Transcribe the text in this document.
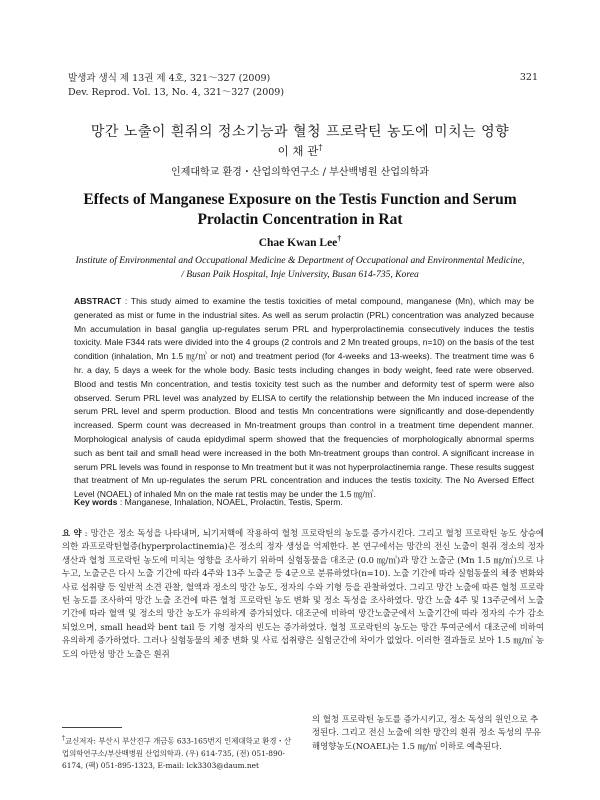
발생과 생식 제 13권 제 4호, 321～327 (2009)
Dev. Reprod. Vol. 13, No. 4, 321～327 (2009)
321
망간 노출이 흰쥐의 정소기능과 혈청 프로락틴 농도에 미치는 영향
이 채 관†
인제대학교 환경・산업의학연구소 / 부산백병원 산업의학과
Effects of Manganese Exposure on the Testis Function and Serum Prolactin Concentration in Rat
Chae Kwan Lee†
Institute of Environmental and Occupational Medicine & Department of Occupational and Environmental Medicine,
/ Busan Paik Hospital, Inje University, Busan 614-735, Korea
ABSTRACT : This study aimed to examine the testis toxicities of metal compound, manganese (Mn), which may be generated as mist or fume in the industrial sites. As well as serum prolactin (PRL) concentration was analyzed because Mn accumulation in basal ganglia up-regulates serum PRL and hyperprolactinemia consecutively induces the testis toxicity. Male F344 rats were divided into the 4 groups (2 controls and 2 Mn treated groups, n=10) on the basis of the test condition (inhalation, Mn 1.5 ㎎/㎥ or not) and treatment period (for 4-weeks and 13-weeks). The treatment time was 6 hr. a day, 5 days a week for the whole body. Basic tests including changes in body weight, feed rate were observed. Blood and testis Mn concentration, and testis toxicity test such as the number and deformity test of sperm were also observed. Serum PRL level was analyzed by ELISA to certify the relationship between the Mn induced increase of the serum PRL level and sperm production. Blood and testis Mn concentrations were significantly and dose-dependently increased. Sperm count was decreased in Mn-treatment groups than control in a treatment time dependent manner. Morphological analysis of cauda epidydimal sperm showed that the frequencies of morphologically abnormal sperms such as bent tail and small head were increased in the both Mn-treatment groups than control. A significant increase in serum PRL levels was found in response to Mn treatment but it was not hyperprolactinemia range. These results suggest that treatment of Mn up-regulates the serum PRL concentration and induces the testis toxicity. The No Aversed Effect Level (NOAEL) of inhaled Mn on the male rat testis may be under the 1.5 ㎎/㎥.
Key words : Manganese, Inhalation, NOAEL, Prolactin, Testis, Sperm.
요 약 : 망간은 정소 독성을 나타내며, 뇌기저핵에 작용하여 혈청 프로락틴의 농도를 증가시킨다. 그리고 혈청 프로락틴 농도 상승에 의한 과프로락틴혈증(hyperprolactinemia)은 정소의 정자 생성을 억제한다. 본 연구에서는 망간의 전신 노출이 흰쥐 정소의 정자 생산과 혈청 프로락틴 농도에 미치는 영향을 조사하기 위하여 실험동물을 대조군 (0.0 ㎎/㎥)과 망간 노출군 (Mn 1.5 ㎎/㎥)으로 나누고, 노출군은 다시 노출 기간에 따라 4주와 13주 노출군 등 4군으로 분류하였다(n=10). 노출 기간에 따라 실험동물의 체중 변화와 사료 섭취량 등 일반적 소견 관찰, 혈액과 정소의 망간 농도, 정자의 수와 기형 등을 관찰하였다. 그리고 망간 노출에 따른 혈청 프로락틴 농도를 조사하여 망간 노출 조건에 따른 혈청 프로락틴 농도 변화 및 정소 독성을 조사하였다. 망간 노출 4주 및 13주군에서 노출기간에 따라 혈액 및 정소의 망간 농도가 유의하게 증가되었다. 대조군에 비하여 망간노출군에서 노출기간에 따라 정자의 수가 감소되었으며, small head와 bent tail 등 기형 정자의 빈도는 증가하였다. 혈청 프로락틴의 농도는 망간 투여군에서 대조군에 비하여 유의하게 증가하였다. 그러나 실험동물의 체중 변화 및 사료 섭취량은 실험군간에 차이가 없었다. 이러한 결과들로 보아 1.5 ㎎/㎥ 농도의 아만성 망간 노출은 흰쥐
의 혈청 프로락틴 농도를 증가시키고, 정소 독성의 원인으로 추정된다. 그리고 전신 노출에 의한 망간의 흰쥐 정소 독성의 무유해영향농도(NOAEL)는 1.5 ㎎/㎥ 이하로 예측된다.
†교신저자: 부산시 부산진구 개금동 633-165번지 인제대학교 환경・산업의학연구소/부산백병원 산업의학과. (우) 614-735, (전) 051-890-6174, (팩) 051-895-1323, E-mail: lck3303@daum.net
